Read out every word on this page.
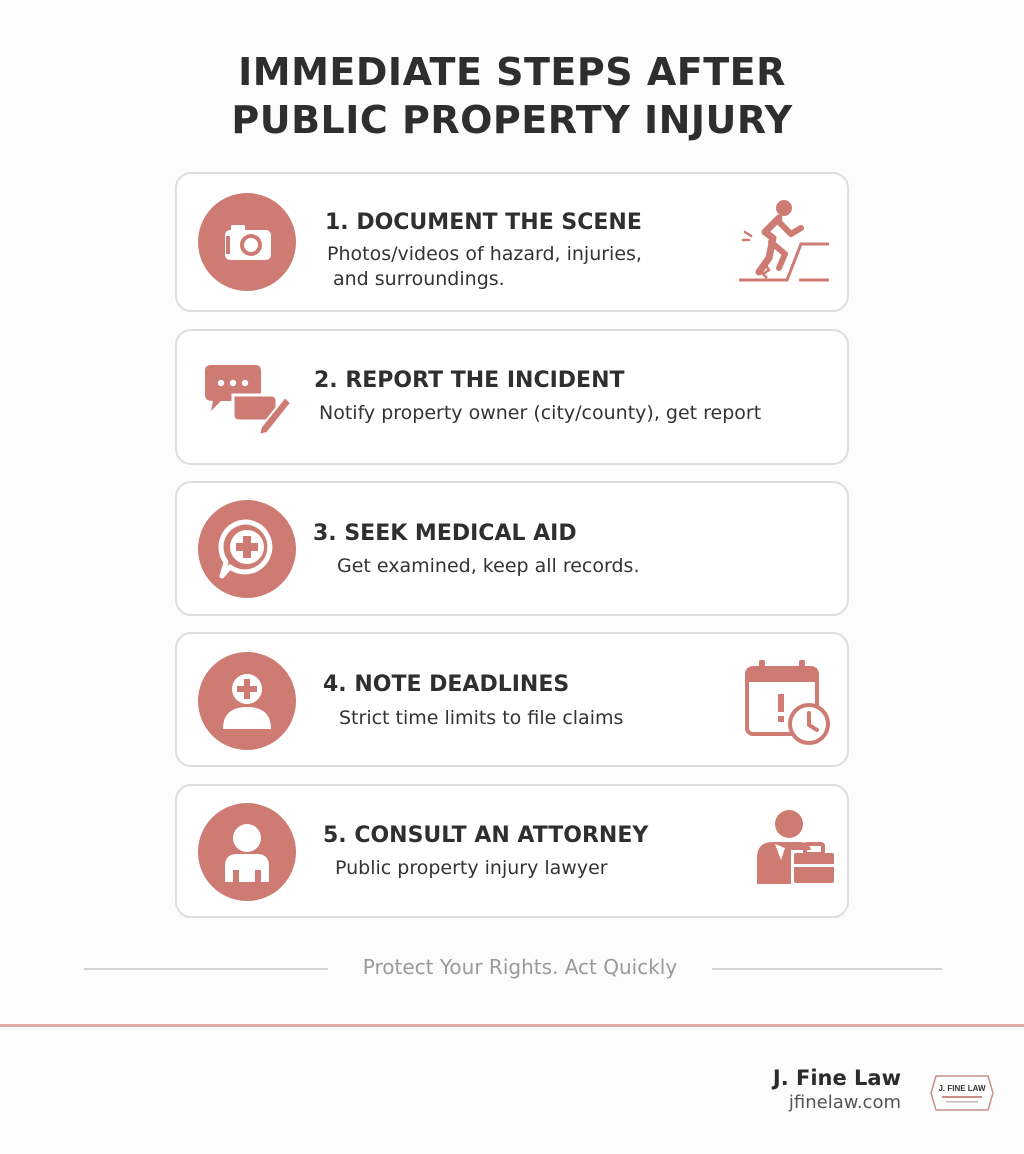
IMMEDIATE STEPS AFTER
PUBLIC PROPERTY INJURY
1. DOCUMENT THE SCENE
Photos/videos of hazard, injuries,
and surroundings.
2. REPORT THE INCIDENT
Notify property owner (city/county), get report
3. SEEK MEDICAL AID
Get examined, keep all records.
4. NOTE DEADLINES
Strict time limits to file claims
5. CONSULT AN ATTORNEY
Public property injury lawyer
Protect Your Rights. Act Quickly
J. Fine Law
jfinelaw.com
J. FINE LAW
